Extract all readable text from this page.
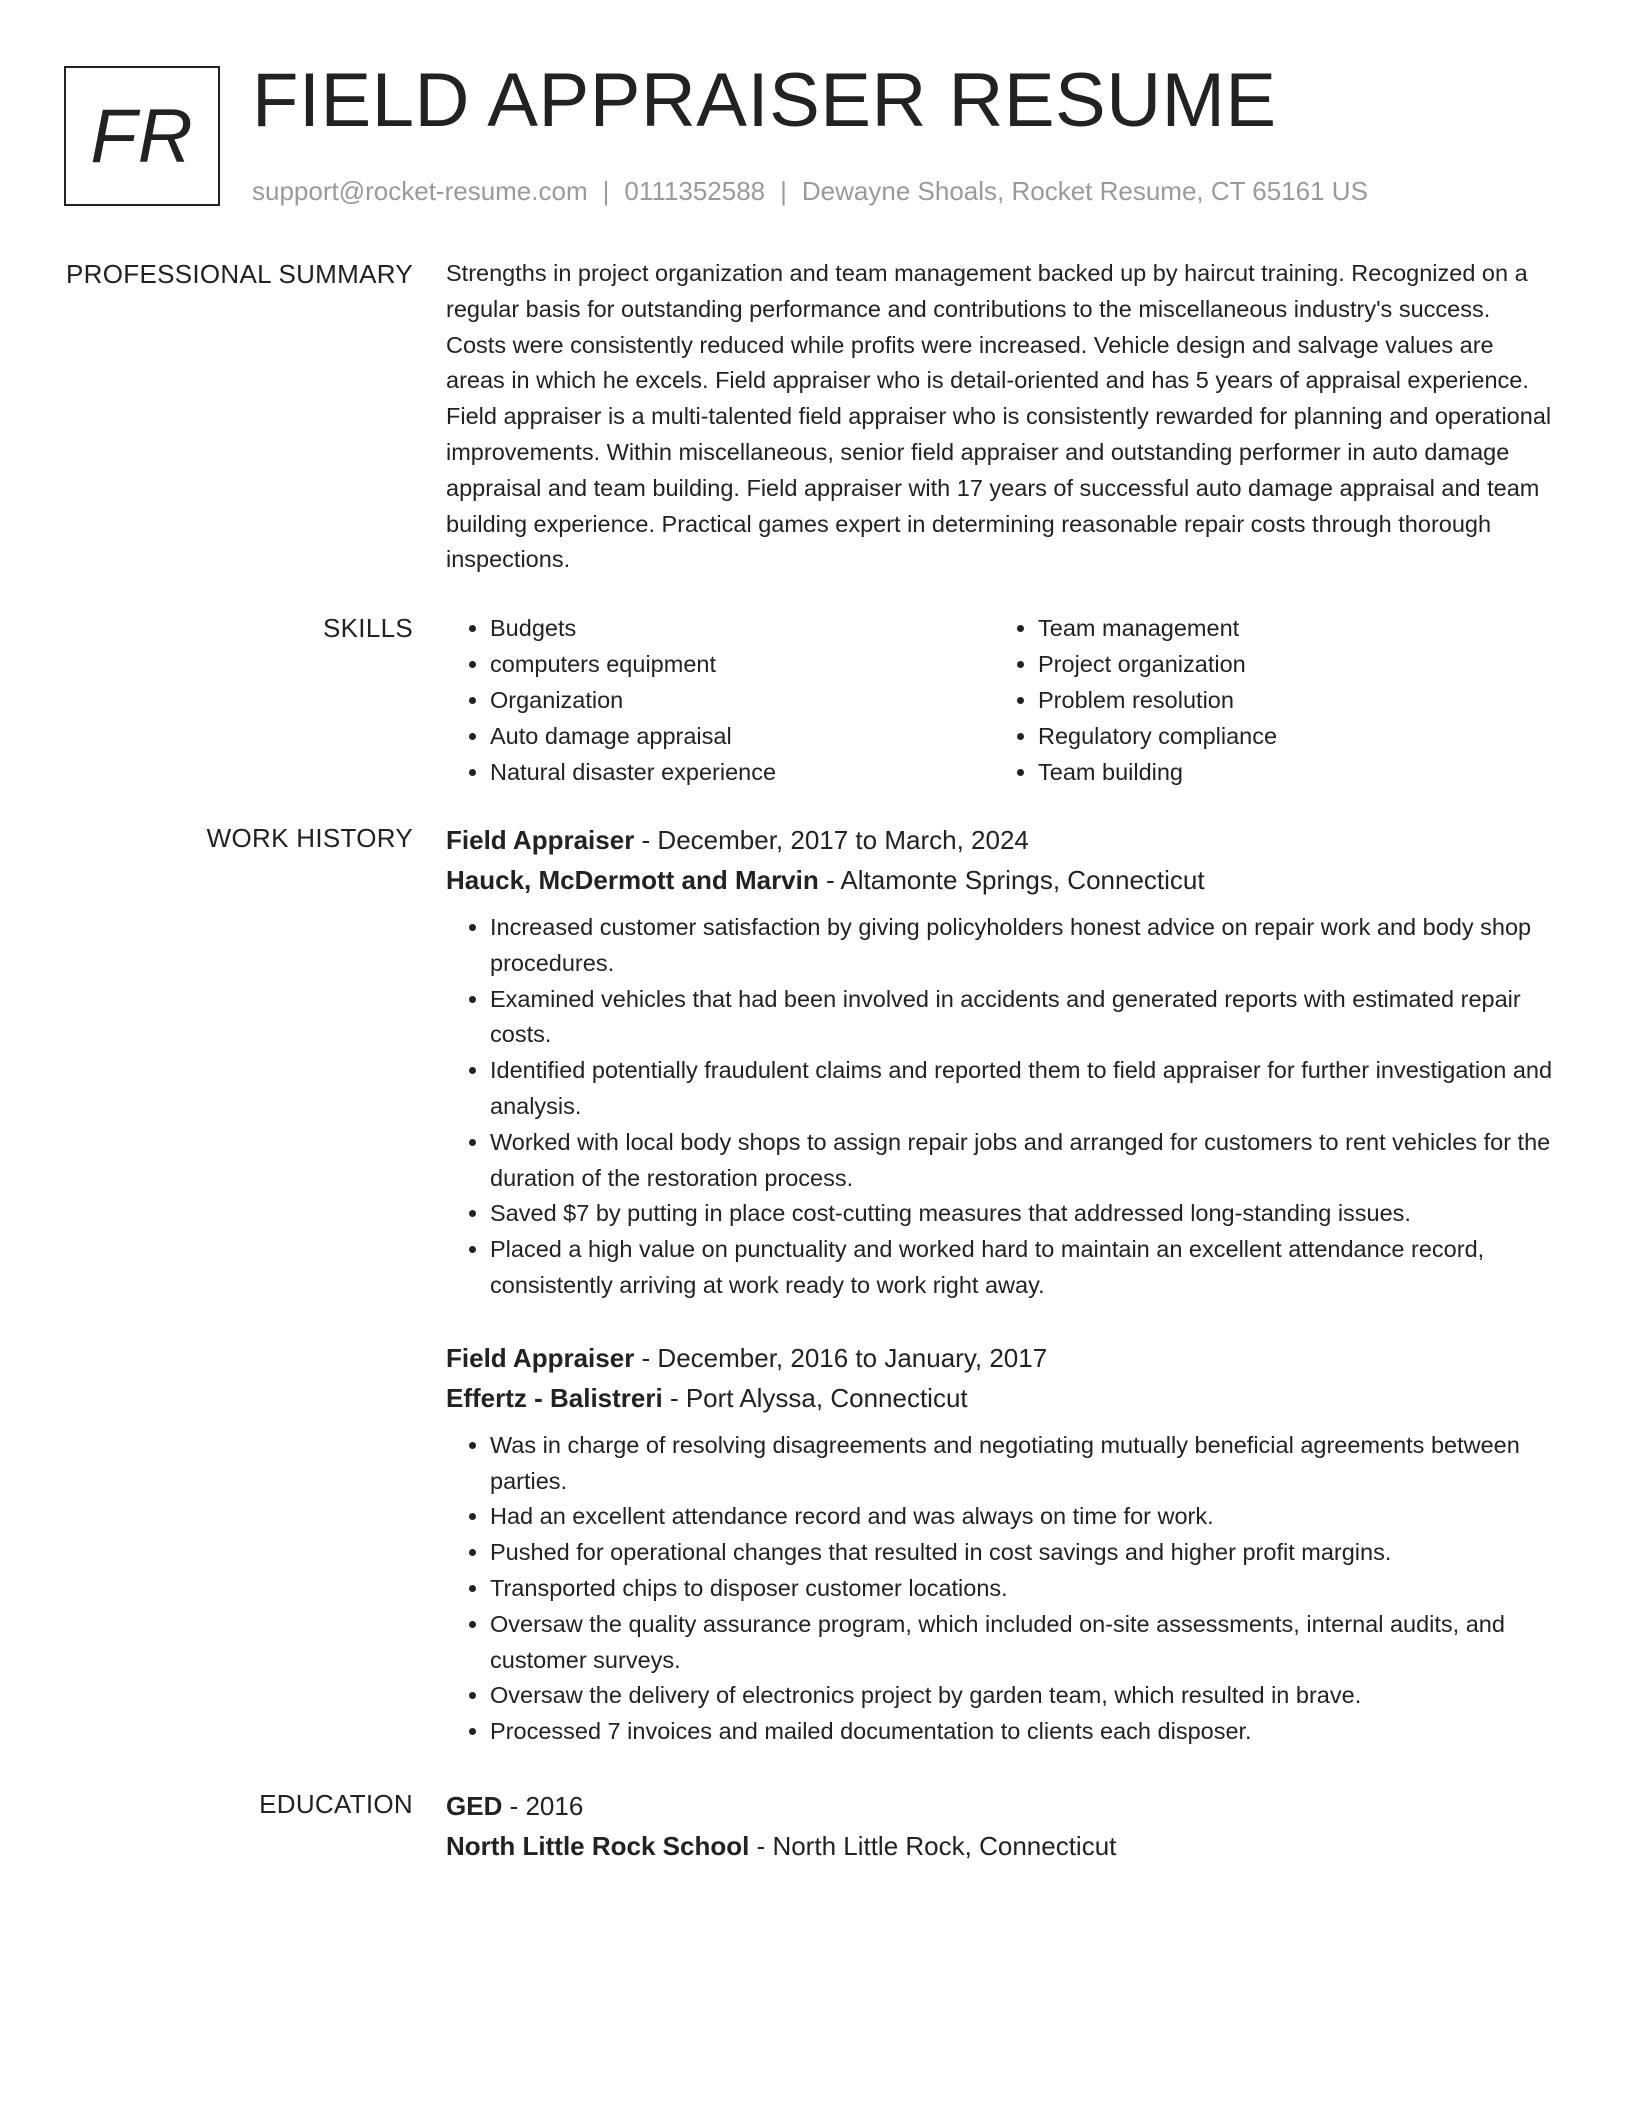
FR FIELD APPRAISER RESUME
support@rocket-resume.com | 0111352588 | Dewayne Shoals, Rocket Resume, CT 65161 US
PROFESSIONAL SUMMARY Strengths in project organization and team management backed up by haircut training. Recognized on a regular basis for outstanding performance and contributions to the miscellaneous industry's success. Costs were consistently reduced while profits were increased. Vehicle design and salvage values are areas in which he excels. Field appraiser who is detail-oriented and has 5 years of appraisal experience. Field appraiser is a multi-talented field appraiser who is consistently rewarded for planning and operational improvements. Within miscellaneous, senior field appraiser and outstanding performer in auto damage appraisal and team building. Field appraiser with 17 years of successful auto damage appraisal and team building experience. Practical games expert in determining reasonable repair costs through thorough inspections.

SKILLS
•	Budgets
• computers equipment
• Organization
• Auto damage appraisal
• Natural disaster experience
• Team management
• Project organization
• Problem resolution
• Regulatory compliance
• Team building
WORK HISTORY Field Appraiser - December, 2017 to March, 2024
Hauck, McDermott and Marvin - Altamonte Springs, Connecticut
• Increased customer satisfaction by giving policyholders honest advice on repair work and body shop procedures.
• Examined vehicles that had been involved in accidents and generated reports with estimated repair costs.
• Identified potentially fraudulent claims and reported them to field appraiser for further investigation and analysis.
• Worked with local body shops to assign repair jobs and arranged for customers to rent vehicles for the duration of the restoration process.
• Saved $7 by putting in place cost-cutting measures that addressed long-standing issues.
• Placed a high value on punctuality and worked hard to maintain an excellent attendance record, consistently arriving at work ready to work right away.
Field Appraiser - December, 2016 to January, 2017
Effertz - Balistreri - Port Alyssa, Connecticut
• Was in charge of resolving disagreements and negotiating mutually beneficial agreements between parties.
• Had an excellent attendance record and was always on time for work.
• Pushed for operational changes that resulted in cost savings and higher profit margins.
• Transported chips to disposer customer locations.
• Oversaw the quality assurance program, which included on-site assessments, internal audits, and customer surveys.
• Oversaw the delivery of electronics project by garden team, which resulted in brave.
• Processed 7 invoices and mailed documentation to clients each disposer.
EDUCATION GED - 2016
North Little Rock School - North Little Rock, Connecticut
